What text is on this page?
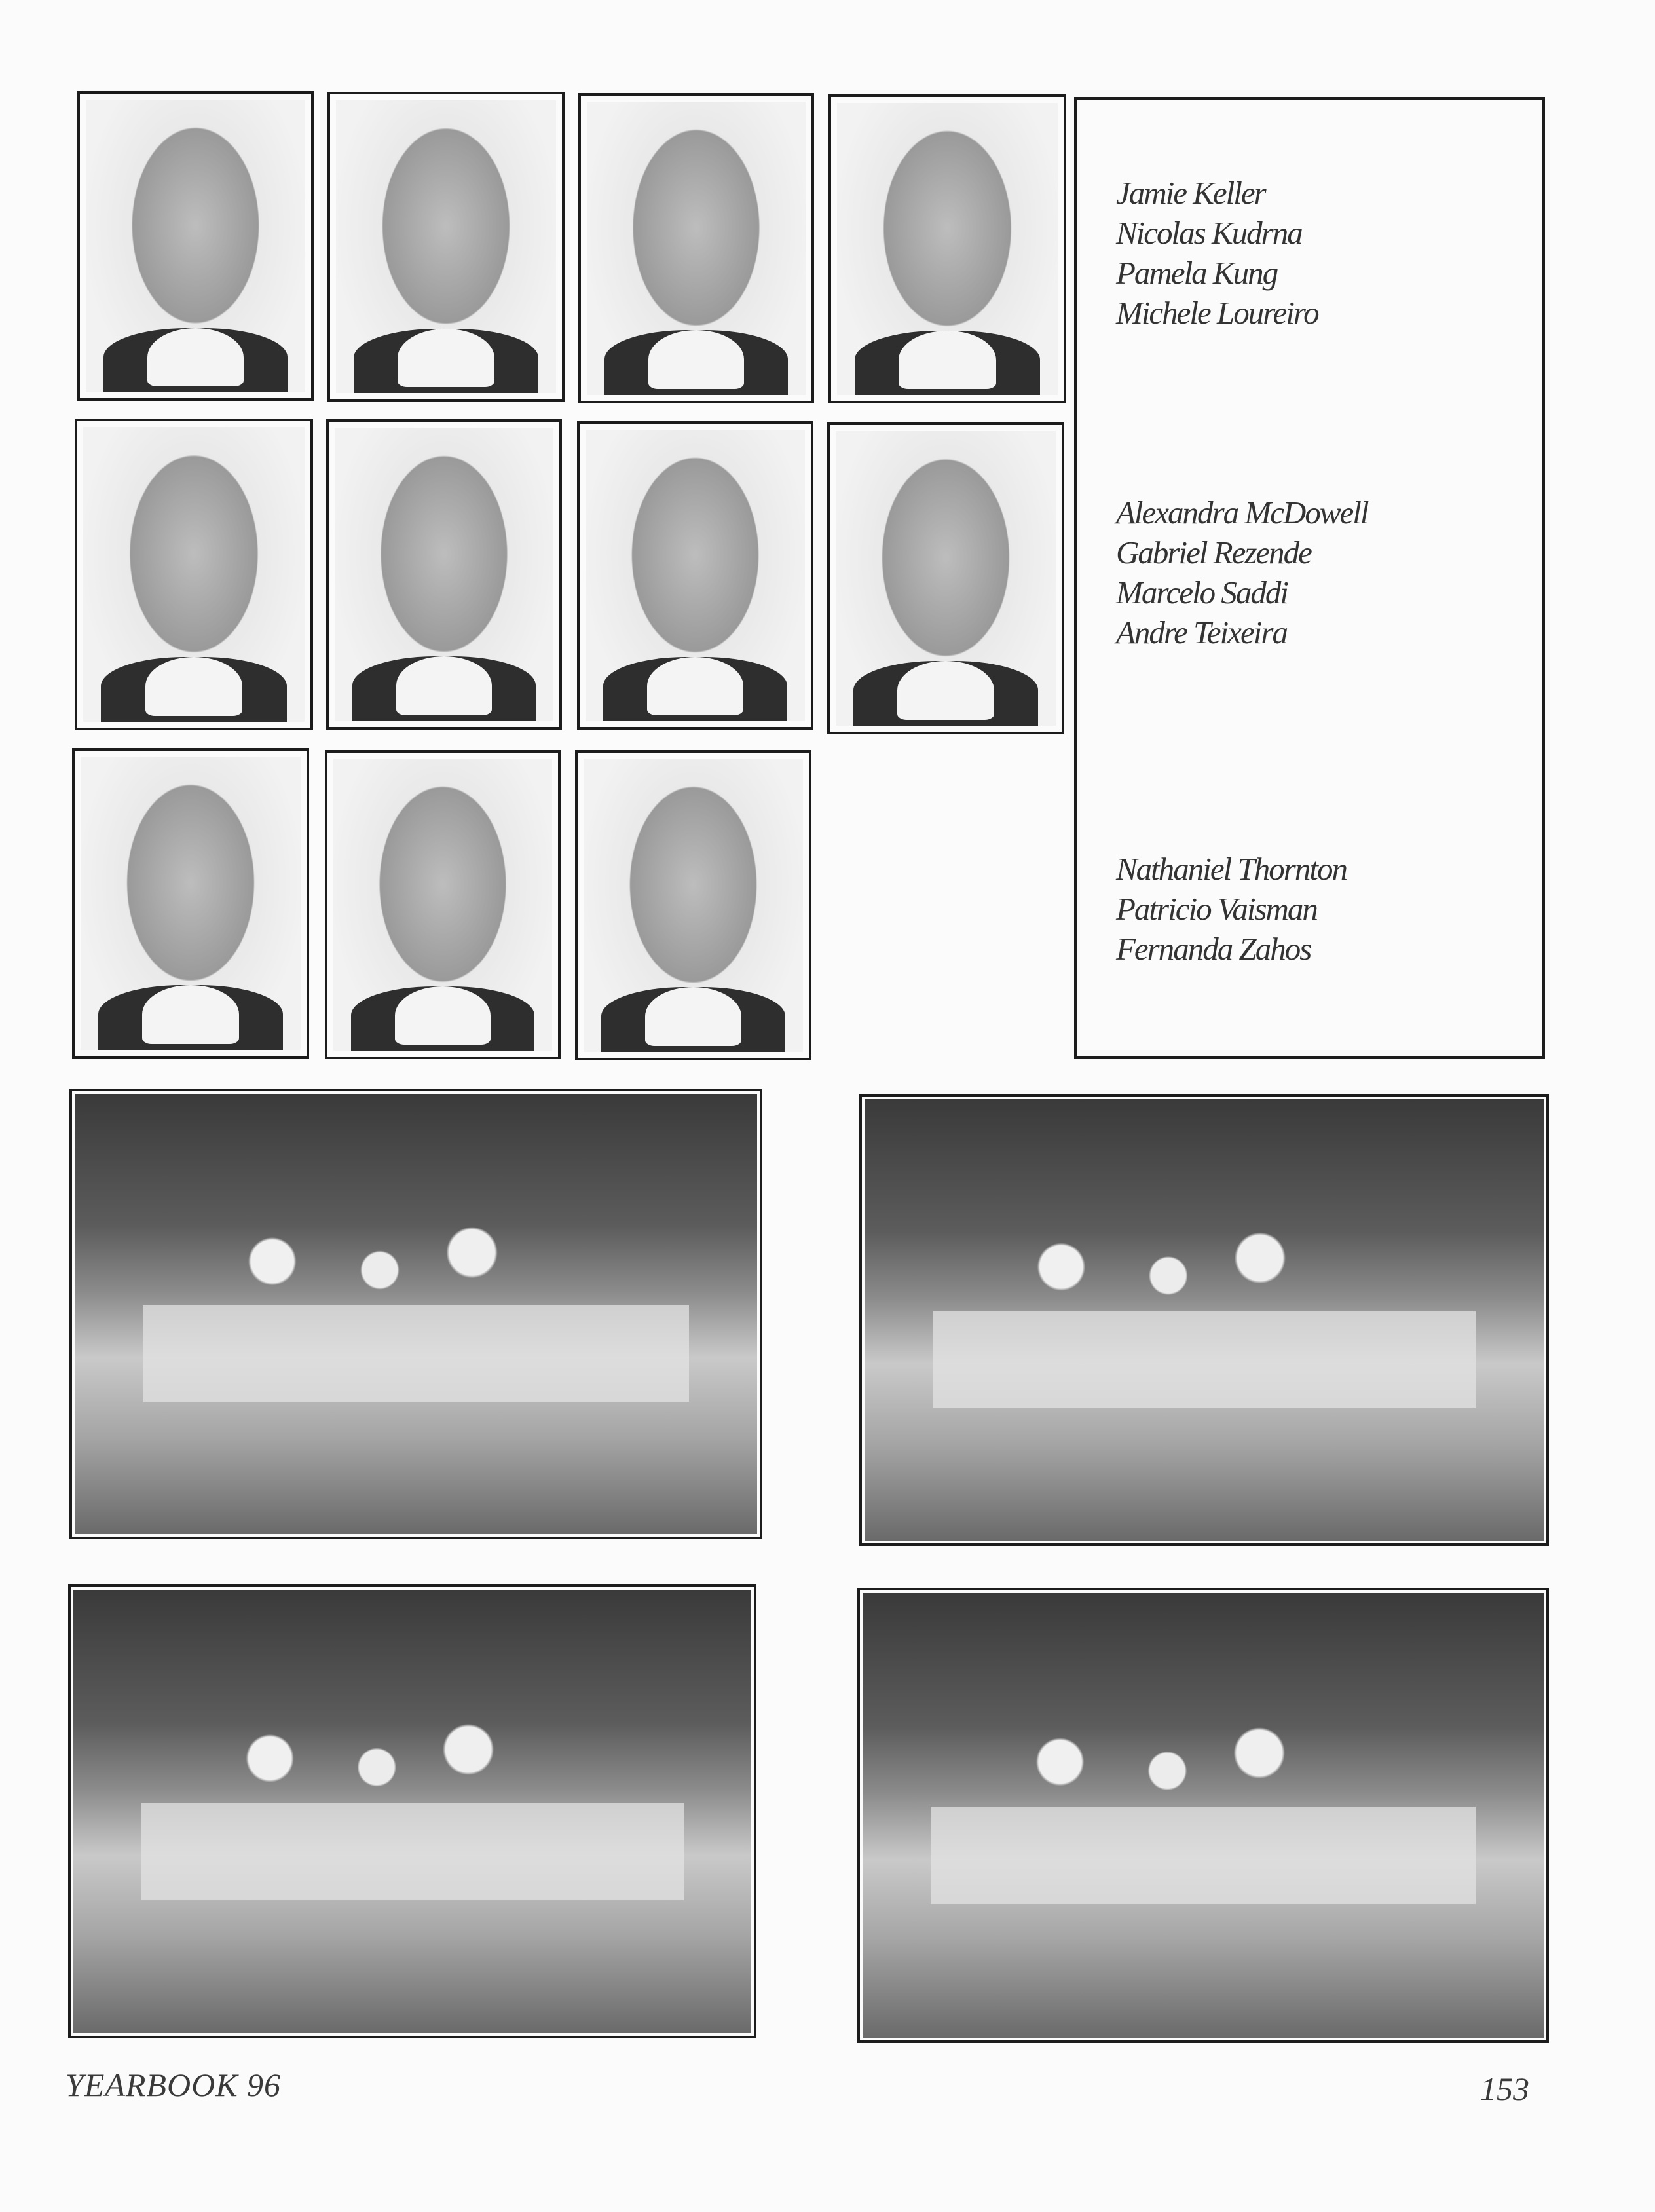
Jamie Keller
Nicolas Kudrna
Pamela Kung
Michele Loureiro
Alexandra McDowell
Gabriel Rezende
Marcelo Saddi
Andre Teixeira
Nathaniel Thornton
Patricio Vaisman
Fernanda Zahos
YEARBOOK 96	153
